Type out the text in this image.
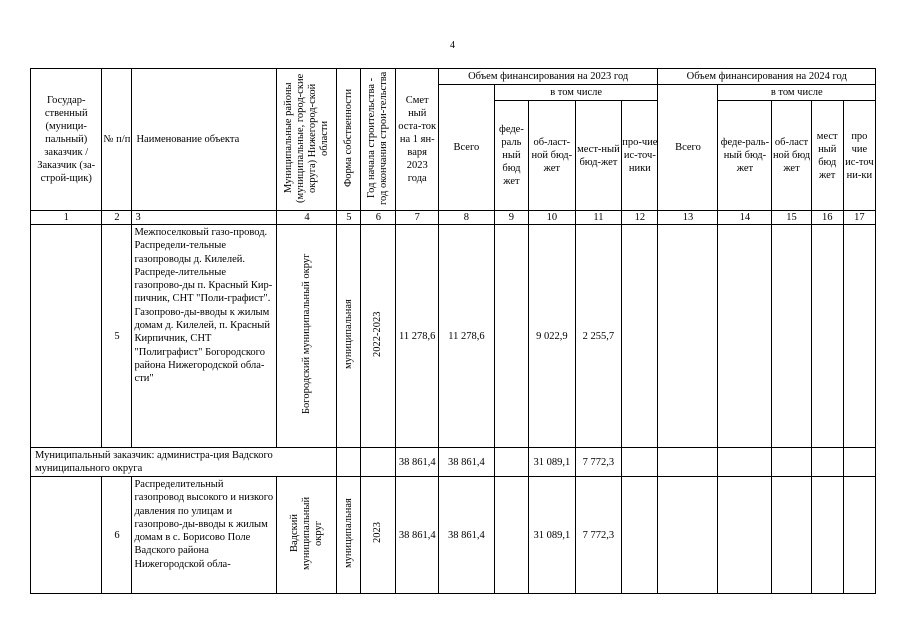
4
Государ-ственный (муници-пальный) заказчик / Заказчик (за-строй-щик)	№ п/п	Наименование объекта	Муниципальные районы (муниципальные, город-ские округа) Нижегород-ской области	Форма собственности	Год начала строительства - год окончания строи-тельства	Смет ный оста-ток на 1 ян-варя 2023 года	Объем финансирования на 2023 год					Объем финансирования на 2024 год				
							Всего	в том числе				Всего	в том числе			
								феде-раль ный бюд жет	об-ласт-ной бюд-жет	мест-ный бюд-жет	про-чие ис-точ-ники		феде-раль-ный бюд-жет	об-ласт ной бюд жет	мест ный бюд жет	про чие ис-точ ни-ки
1	2	3	4	5	6	7	8	9	10	11	12	13	14	15	16	17
	5	Межпоселковый газо-провод. Распредели-тельные газопроводы д. Килелей. Распреде-лительные газопрово-ды п. Красный Кир-пичник, СНТ "Поли-графист". Газопрово-ды-вводы к жилым домам д. Килелей, п. Красный Кирпичник, СНТ "Полиграфист" Богородского района Нижегородской обла-сти"	Богородский муниципальный округ	муниципальная	2022-2023	11 278,6	11 278,6		9 022,9	2 255,7						
Муниципальный заказчик: администра-ция Вадского муниципального округа						38 861,4	38 861,4		31 089,1	7 772,3						
	6	Распределительный газопровод высокого и низкого давления по улицам и газопрово-ды-вводы к жилым домам в с. Борисово Поле Вадского района Нижегородской обла-	Вадский муниципальный округ	муниципальная	2023	38 861,4	38 861,4		31 089,1	7 772,3						
